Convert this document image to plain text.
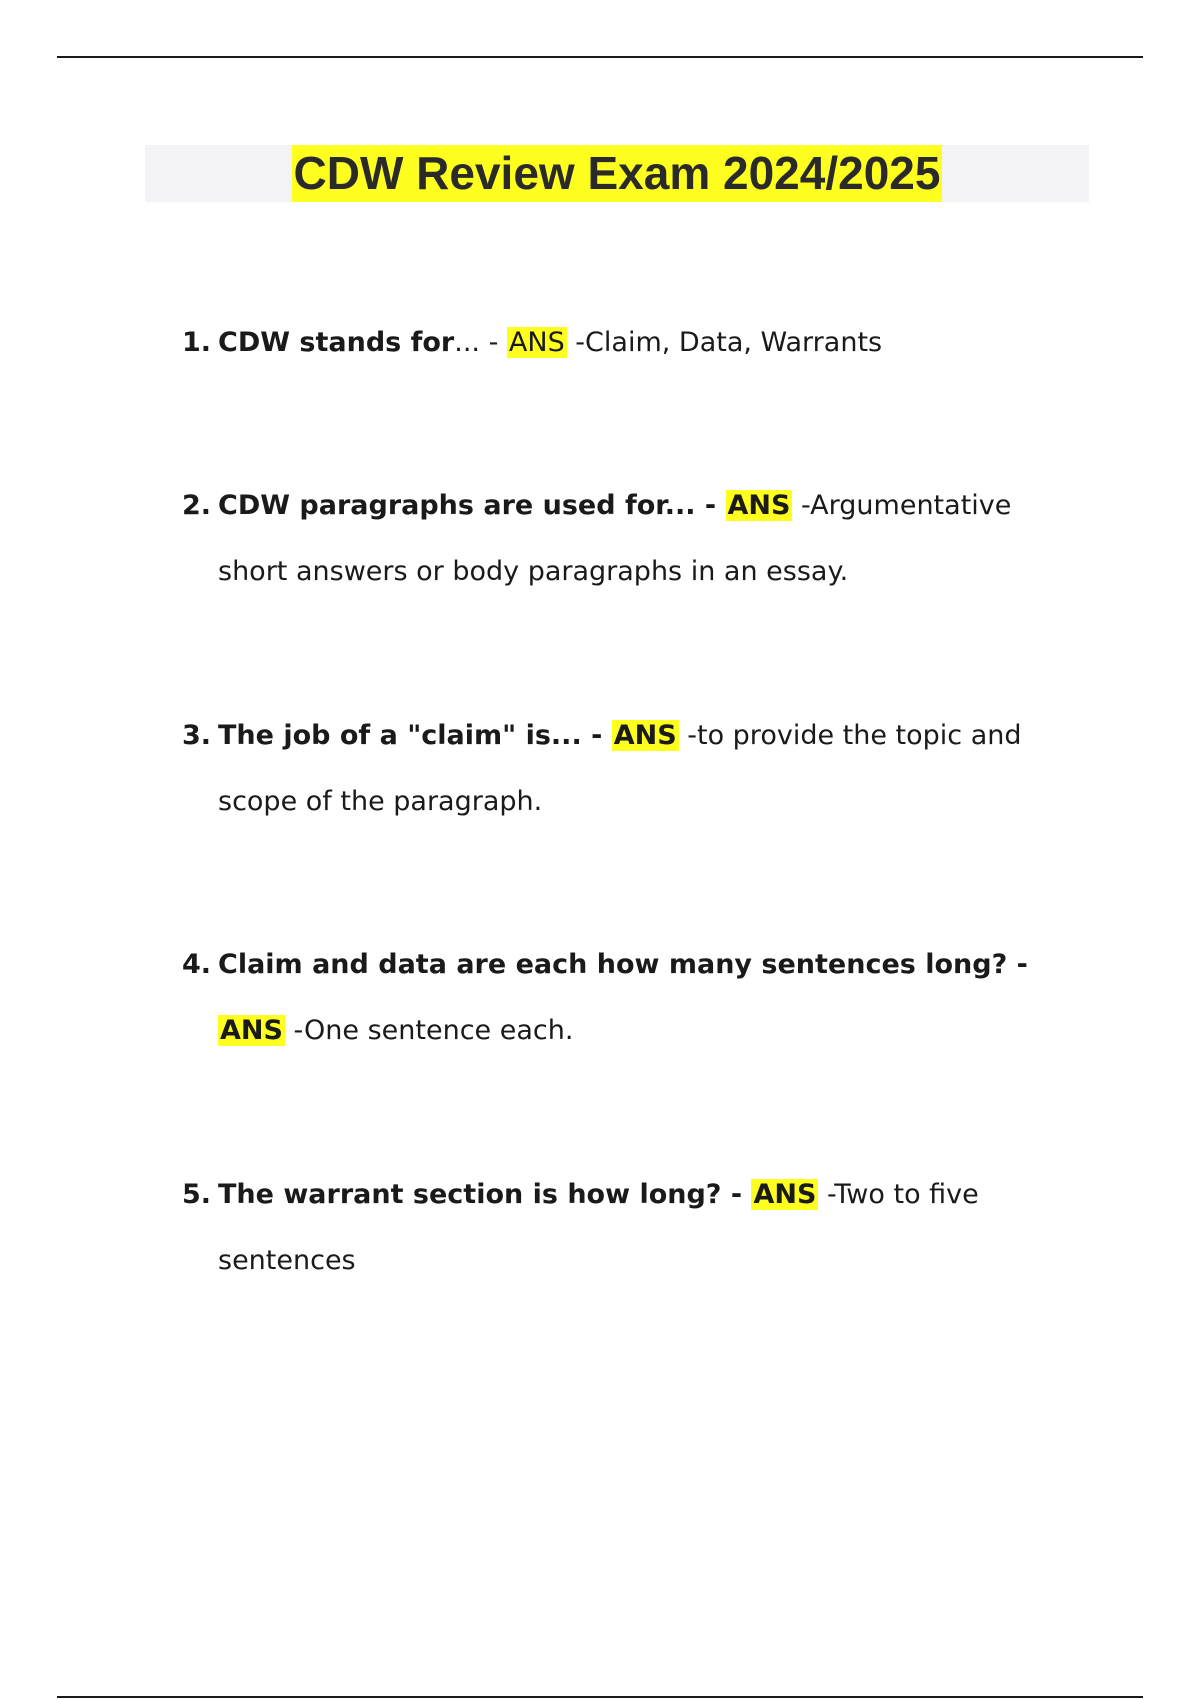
CDW Review Exam 2024/2025
1. CDW stands for... - ANS -Claim, Data, Warrants
2. CDW paragraphs are used for... - ANS -Argumentative short answers or body paragraphs in an essay.
3. The job of a "claim" is... - ANS -to provide the topic and scope of the paragraph.
4. Claim and data are each how many sentences long? - ANS -One sentence each.
5. The warrant section is how long? - ANS -Two to five sentences
